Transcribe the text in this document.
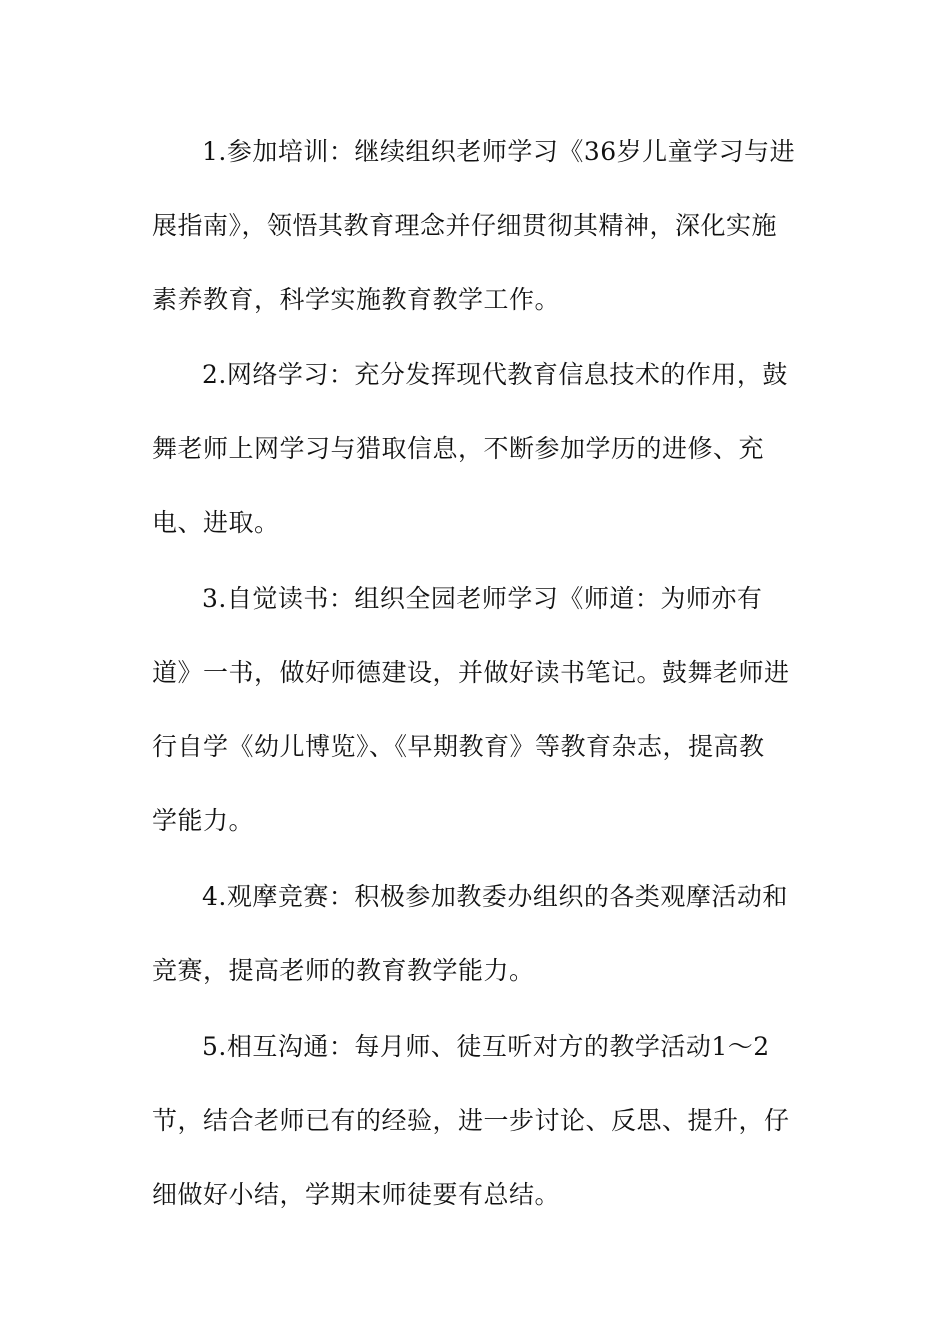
1.参加培训：继续组织老师学习《36岁儿童学习与进
展指南》，领悟其教育理念并仔细贯彻其精神，深化实施
素养教育，科学实施教育教学工作。
2.网络学习：充分发挥现代教育信息技术的作用，鼓
舞老师上网学习与猎取信息，不断参加学历的进修、充
电、进取。
3.自觉读书：组织全园老师学习《师道：为师亦有
道》一书，做好师德建设，并做好读书笔记。鼓舞老师进
行自学《幼儿博览》、《早期教育》等教育杂志，提高教
学能力。
4.观摩竞赛：积极参加教委办组织的各类观摩活动和
竞赛，提高老师的教育教学能力。
5.相互沟通：每月师、徒互听对方的教学活动1～2
节，结合老师已有的经验，进一步讨论、反思、提升，仔
细做好小结，学期末师徒要有总结。
